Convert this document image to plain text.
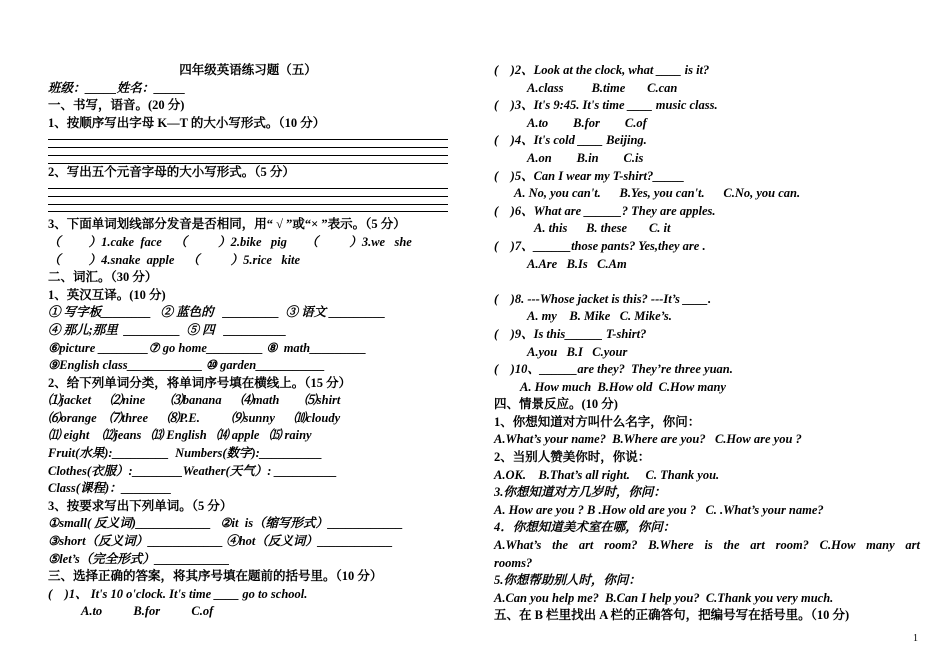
四年级英语练习题（五）
班级：_____姓名：_____
一、书写，语音。(20 分)
1、按顺序写出字母 K—T 的大小写形式。（10 分）
2、写出五个元音字母的大小写形式。（5 分）
3、下面单词划线部分发音是否相同，用“ √ ”或“× ”表示。（5 分）
（         ）1.cake  face    （          ）2.bike   pig      （          ）3.we   she
（         ）4.snake  apple    （          ）5.rice   kite
二、词汇。（30 分）
1、英汉互译。(10 分)
① 写字板________   ② 蓝色的   _________  ③ 语文 _________
④ 那儿;那里  _________  ⑤ 四   __________
⑥picture ________⑦ go home_________ ⑧  math_________
⑨English class____________ ⑩ garden___________
2、给下列单词分类，将单词序号填在横线上。（15 分）
⑴jacket      ⑵nine        ⑶banana      ⑷math        ⑸shirt
⑹orange    ⑺three      ⑻P.E.          ⑼sunny      ⑽cloudy
⑾ eight    ⑿jeans   ⒀ English   ⒁ apple   ⒂ rainy
Fruit(水果):_________  Numbers(数字):__________
Clothes(衣服）:________Weather(天气）: __________
Class(课程)：________
3、按要求写出下列单词。（5 分）
①small( 反义词)____________   ②it  is（缩写形式）____________
③short（反义词）____________ ④hot（反义词）____________
⑤let’s（完全形式）____________
三、选择正确的答案，将其序号填在题前的括号里。（10 分）
(    )1、 It's 10 o'clock. It's time ____ go to school.
A.to          B.for          C.of
(    )2、Look at the clock, what ____ is it?
A.class         B.time       C.can
(    )3、It's 9:45. It's time ____ music class.
A.to        B.for        C.of
(    )4、It's cold ____ Beijing.
A.on        B.in        C.is
(    )5、Can I wear my T-shirt?_____
A. No, you can't.      B.Yes, you can't.      C.No, you can.
(    )6、What are ______? They are apples.
A. this      B. these       C. it
(    )7、______those pants? Yes,they are .
A.Are   B.Is   C.Am
(    )8. ---Whose jacket is this? ---It’s ____.
A. my    B. Mike   C. Mike’s.
(    )9、Is this______ T-shirt?
A.you   B.I   C.your
(    )10、______are they?  They’re three yuan.
A. How much  B.How old  C.How many
四、情景反应。(10 分)
1、你想知道对方叫什么名字，你问：
A.What’s your name?  B.Where are you?   C.How are you ?
2、当别人赞美你时，你说：
A.OK.    B.That’s all right.     C. Thank you.
3.你想知道对方几岁时，你问：
A. How are you ? B .How old are you ?   C. .What’s your name?
4．你想知道美术室在哪，你问：
A.What’s the art room? B.Where is the art room? C.How many art
rooms?
5.你想帮助别人时，你问：
A.Can you help me?  B.Can I help you?  C.Thank you very much.
五、在 B 栏里找出 A 栏的正确答句，把编号写在括号里。（10 分)
1
